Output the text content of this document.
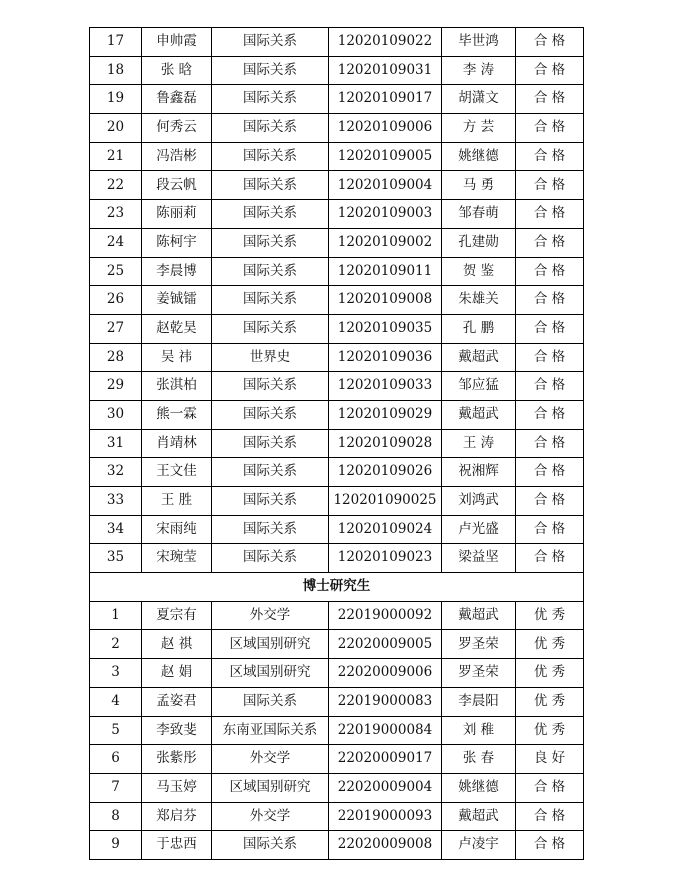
17	申帅霞	国际关系	12020109022	毕世鸿	合 格
18	张 晗	国际关系	12020109031	李 涛	合 格
19	鲁鑫磊	国际关系	12020109017	胡潇文	合 格
20	何秀云	国际关系	12020109006	方 芸	合 格
21	冯浩彬	国际关系	12020109005	姚继德	合 格
22	段云帆	国际关系	12020109004	马 勇	合 格
23	陈丽莉	国际关系	12020109003	邹春萌	合 格
24	陈柯宇	国际关系	12020109002	孔建勋	合 格
25	李晨博	国际关系	12020109011	贺 鉴	合 格
26	姜铖镭	国际关系	12020109008	朱雄关	合 格
27	赵乾昊	国际关系	12020109035	孔 鹏	合 格
28	吴 祎	世界史	12020109036	戴超武	合 格
29	张淇柏	国际关系	12020109033	邹应猛	合 格
30	熊一霖	国际关系	12020109029	戴超武	合 格
31	肖靖林	国际关系	12020109028	王 涛	合 格
32	王文佳	国际关系	12020109026	祝湘辉	合 格
33	王 胜	国际关系	120201090025	刘鸿武	合 格
34	宋雨纯	国际关系	12020109024	卢光盛	合 格
35	宋琬莹	国际关系	12020109023	梁益坚	合 格
博士研究生					
1	夏宗有	外交学	22019000092	戴超武	优 秀
2	赵 祺	区域国别研究	22020009005	罗圣荣	优 秀
3	赵 娟	区域国别研究	22020009006	罗圣荣	优 秀
4	孟姿君	国际关系	22019000083	李晨阳	优 秀
5	李致斐	东南亚国际关系	22019000084	刘 稚	优 秀
6	张紫彤	外交学	22020009017	张 春	良 好
7	马玉婷	区域国别研究	22020009004	姚继德	合 格
8	郑启芬	外交学	22019000093	戴超武	合 格
9	于忠西	国际关系	22020009008	卢凌宇	合 格
